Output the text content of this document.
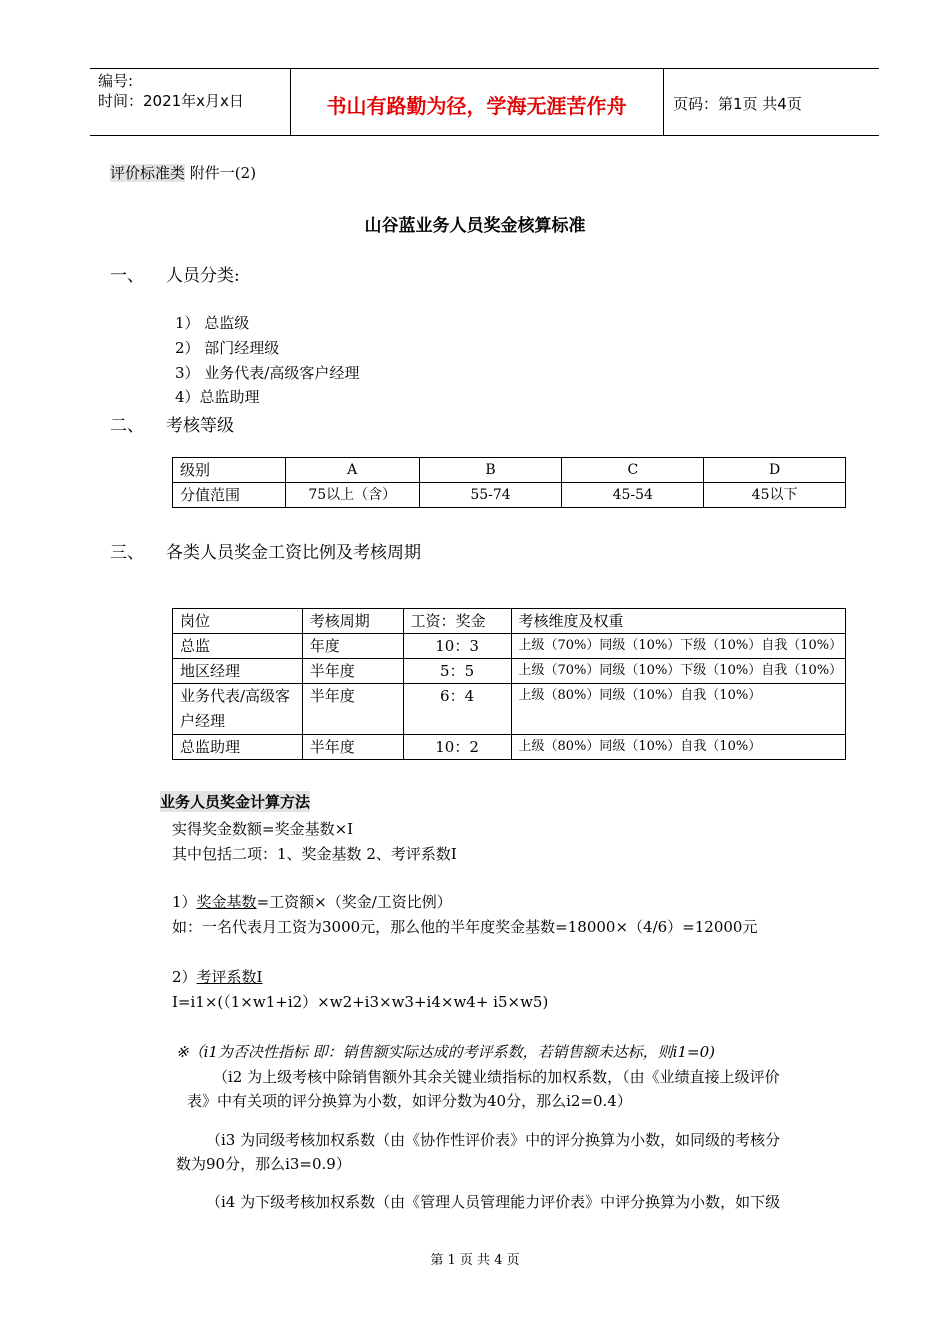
编号:
时间：2021年x月x日	书山有路勤为径，学海无涯苦作舟	页码：第1页 共4页
评价标准类 附件一(2)
山谷蓝业务人员奖金核算标准
一、 人员分类:
1） 总监级
2） 部门经理级
3） 业务代表/高级客户经理
4）总监助理
二、 考核等级
级别	A	B	C	D
分值范围	75以上（含）	55-74	45-54	45以下
三、 各类人员奖金工资比例及考核周期
岗位	考核周期	工资：奖金	考核维度及权重
总监	年度	10：3	上级（70%）同级（10%）下级（10%）自我（10%）
地区经理	半年度	5：5	上级（70%）同级（10%）下级（10%）自我（10%）
业务代表/高级客户经理	半年度	6：4	上级（80%）同级（10%）自我（10%）
总监助理	半年度	10：2	上级（80%）同级（10%）自我（10%）
业务人员奖金计算方法
实得奖金数额=奖金基数×I
其中包括二项：1、奖金基数 2、考评系数I
1）奖金基数=工资额×（奖金/工资比例）
如：一名代表月工资为3000元，那么他的半年度奖金基数=18000×（4/6）=12000元
2）考评系数I
I=i1×(（1×w1+i2）×w2+i3×w3+i4×w4+ i5×w5)
※（i1为否决性指标 即：销售额实际达成的考评系数，若销售额未达标，则i1=0)
（i2 为上级考核中除销售额外其余关键业绩指标的加权系数，（由《业绩直接上级评价
表》中有关项的评分换算为小数，如评分数为40分，那么i2=0.4）
（i3 为同级考核加权系数（由《协作性评价表》中的评分换算为小数，如同级的考核分
数为90分，那么i3=0.9）
（i4 为下级考核加权系数（由《管理人员管理能力评价表》中评分换算为小数，如下级
第 1 页 共 4 页
